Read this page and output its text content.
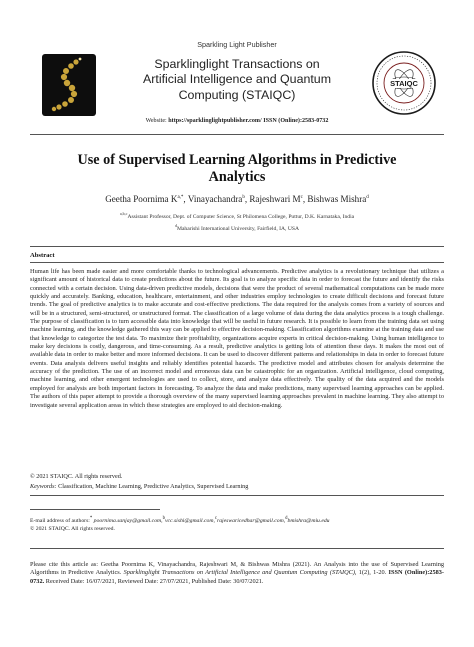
Sparkling Light Publisher
Sparklinglight Transactions on
Artificial Intelligence and Quantum
Computing (STAIQC)
STAIQC
Website: https://sparklinglightpublisher.com/ ISSN (Online):2583-0732
Use of Supervised Learning Algorithms in Predictive
Analytics
Geetha Poornima $K^{a,*}$, Vinayachandra$^b$, Rajeshwari $M^c$, Bishwas Mishra$^d$
$^{a,b,c}$Assistant Professor, Dept. of Computer Science, St Philomena College, Puttur, D.K. Karnataka, India
$^d$Maharishi International University, Fairfield, IA, USA
Abstract
Human life has been made easier and more comfortable thanks to technological advancements. Predictive analytics is a revolutionary technique that utilizes a significant amount of historical data to create predictions about the future. Its goal is to analyze specific data in order to forecast the future and identify the risks connected with a certain decision. Using data-driven predictive models, decisions that were the product of several mathematical computations can be made more quickly and accurately. Banking, education, healthcare, entertainment, and other industries employ technologies to create difficult decisions and forecast future trends. The goal of predictive analytics is to make accurate and cost-effective predictions. The data required for the analysis comes from a variety of sources and will be in a structured, semi-structured, or unstructured format. The classification of a large volume of data during the data analytics process is a tough challenge. The purpose of classification is to turn accessible data into knowledge that will be useful in future research. It is possible to learn from the training data set using machine learning, and the knowledge gathered this way can be applied to effective decision-making. Classification algorithms examine at the training data and use that knowledge to categorize the test data. To maximize their profitability, organizations acquire experts in critical decision-making. Using human intelligence to make key decisions is costly, dangerous, and time-consuming. As a result, predictive analytics is getting lots of attention these days. It makes the most out of available data in order to make better and more informed decisions. It can be used to discover different patterns and relationships in data in order to forecast future events. Data analysis delivers useful insights and reliably identifies potential hazards. The predictive model and attributes chosen for analysis determine the accuracy of the prediction. The use of an incorrect model and erroneous data can be catastrophic for an organization. Artificial intelligence, cloud computing, machine learning, and other emergent technologies are used to collect, store, and analyze data effectively. The quality of the data acquired and the models employed for analysis are both important factors in forecasting. To analyze the data and make predictions, many supervised learning approaches can be applied. The authors of this paper attempt to provide a thorough overview of the many supervised learning approaches prevalent in machine learning. They also attempt to investigate several application areas in which these strategies are employed to aid decision-making.
© 2021 STAIQC. All rights reserved.
Keywords: Classification, Machine Learning, Predictive Analytics, Supervised Learning
E-mail address of authors:* poornima.sanjay@gmail.com,$^b$vcc.sishi@gmail.com,$^c$rajeswaricedhar@gmail.com,$^d$bmishra@miu.edu
© 2021 STAIQC. All rights reserved.
Please cite this article as: Geetha Poornima K, Vinayachandra, Rajeshwari M, & Bishwas Mishra (2021). An Analysis into the use of Supervised Learning Algorithms in Predictive Analytics. Sparklinglight Transactions on Artificial Intelligence and Quantum Computing (STAIQC), 1(2), 1-20. ISSN (Online):2583-0732. Received Date: 16/07/2021, Reviewed Date: 27/07/2021, Published Date: 30/07/2021.
